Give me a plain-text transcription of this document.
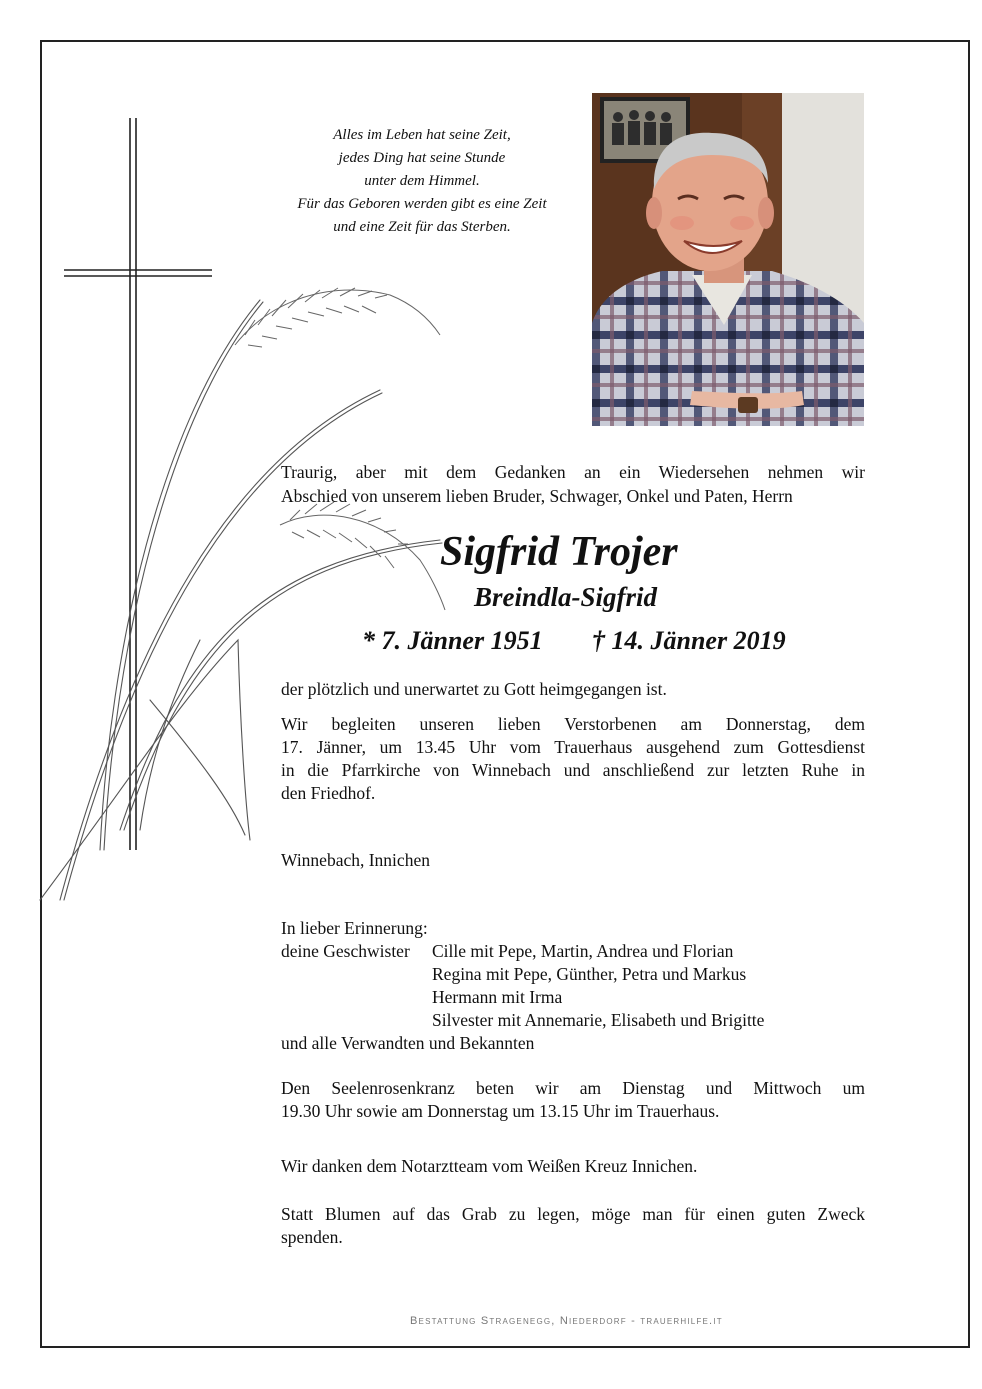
Alles im Leben hat seine Zeit,
jedes Ding hat seine Stunde
unter dem Himmel.
Für das Geboren werden gibt es eine Zeit
und eine Zeit für das Sterben.
Traurig, aber mit dem Gedanken an ein Wiedersehen nehmen wir
Abschied von unserem lieben Bruder, Schwager, Onkel und Paten, Herrn
Sigfrid Trojer
Breindla-Sigfrid
* 7. Jänner 1951 † 14. Jänner 2019
der plötzlich und unerwartet zu Gott heimgegangen ist.
Wir begleiten unseren lieben Verstorbenen am Donnerstag, dem
17. Jänner, um 13.45 Uhr vom Trauerhaus ausgehend zum Gottesdienst
in die Pfarrkirche von Winnebach und anschließend zur letzten Ruhe in
den Friedhof.
Winnebach, Innichen
In lieber Erinnerung:
deine Geschwister Cille mit Pepe, Martin, Andrea und Florian
Regina mit Pepe, Günther, Petra und Markus
Hermann mit Irma
Silvester mit Annemarie, Elisabeth und Brigitte
und alle Verwandten und Bekannten
Den Seelenrosenkranz beten wir am Dienstag und Mittwoch um
19.30 Uhr sowie am Donnerstag um 13.15 Uhr im Trauerhaus.
Wir danken dem Notarztteam vom Weißen Kreuz Innichen.
Statt Blumen auf das Grab zu legen, möge man für einen guten Zweck
spenden.
Bestattung Stragenegg, Niederdorf - trauerhilfe.it
